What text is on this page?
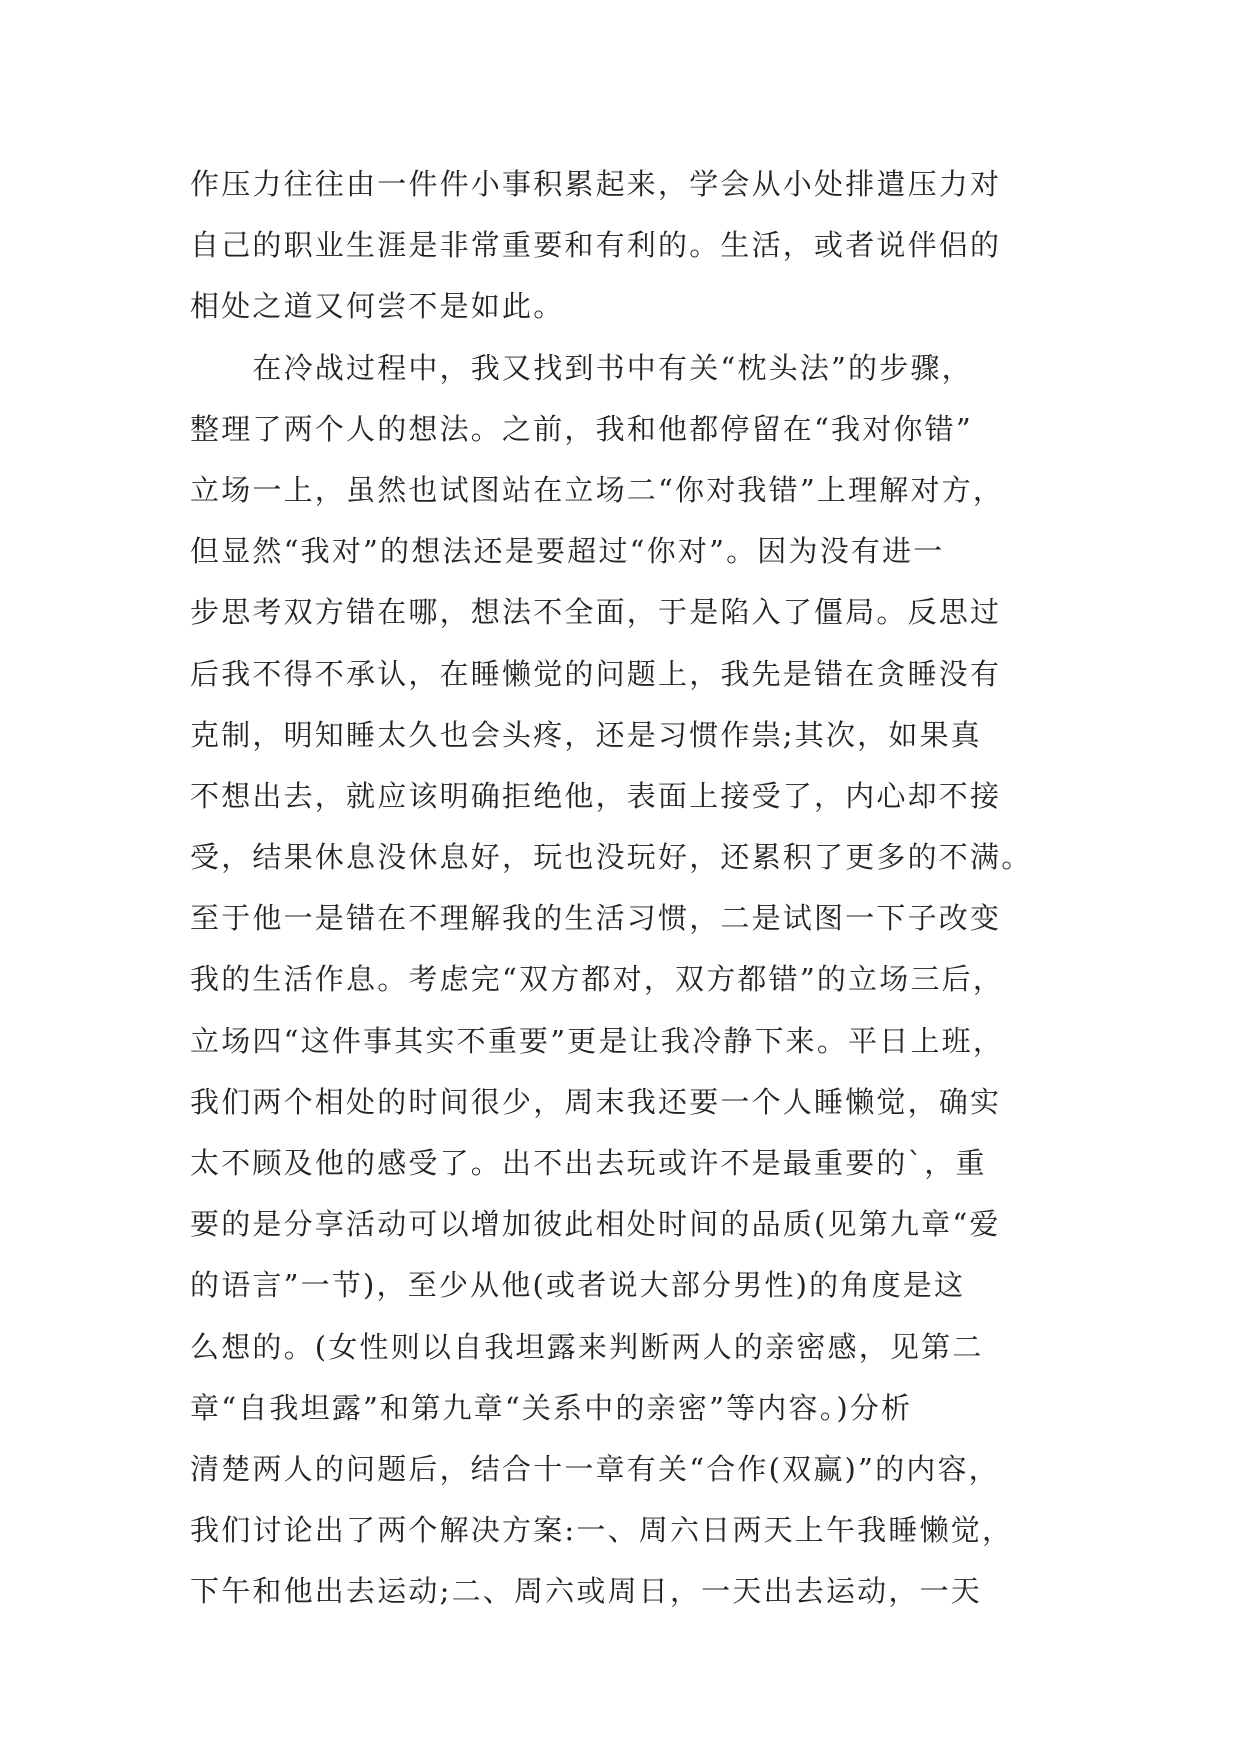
作压力往往由一件件小事积累起来，学会从小处排遣压力对
自己的职业生涯是非常重要和有利的。生活，或者说伴侣的
相处之道又何尝不是如此。
　　在冷战过程中，我又找到书中有关“枕头法”的步骤，
整理了两个人的想法。之前，我和他都停留在“我对你错”
立场一上，虽然也试图站在立场二“你对我错”上理解对方，
但显然“我对”的想法还是要超过“你对”。因为没有进一
步思考双方错在哪，想法不全面，于是陷入了僵局。反思过
后我不得不承认，在睡懒觉的问题上，我先是错在贪睡没有
克制，明知睡太久也会头疼，还是习惯作祟;其次，如果真
不想出去，就应该明确拒绝他，表面上接受了，内心却不接
受，结果休息没休息好，玩也没玩好，还累积了更多的不满。
至于他一是错在不理解我的生活习惯，二是试图一下子改变
我的生活作息。考虑完“双方都对，双方都错”的立场三后，
立场四“这件事其实不重要”更是让我冷静下来。平日上班，
我们两个相处的时间很少，周末我还要一个人睡懒觉，确实
太不顾及他的感受了。出不出去玩或许不是最重要的`，重
要的是分享活动可以增加彼此相处时间的品质(见第九章“爱
的语言”一节)，至少从他(或者说大部分男性)的角度是这
么想的。(女性则以自我坦露来判断两人的亲密感，见第二
章“自我坦露”和第九章“关系中的亲密”等内容。)分析
清楚两人的问题后，结合十一章有关“合作(双赢)”的内容，
我们讨论出了两个解决方案:一、周六日两天上午我睡懒觉，
下午和他出去运动;二、周六或周日，一天出去运动，一天
